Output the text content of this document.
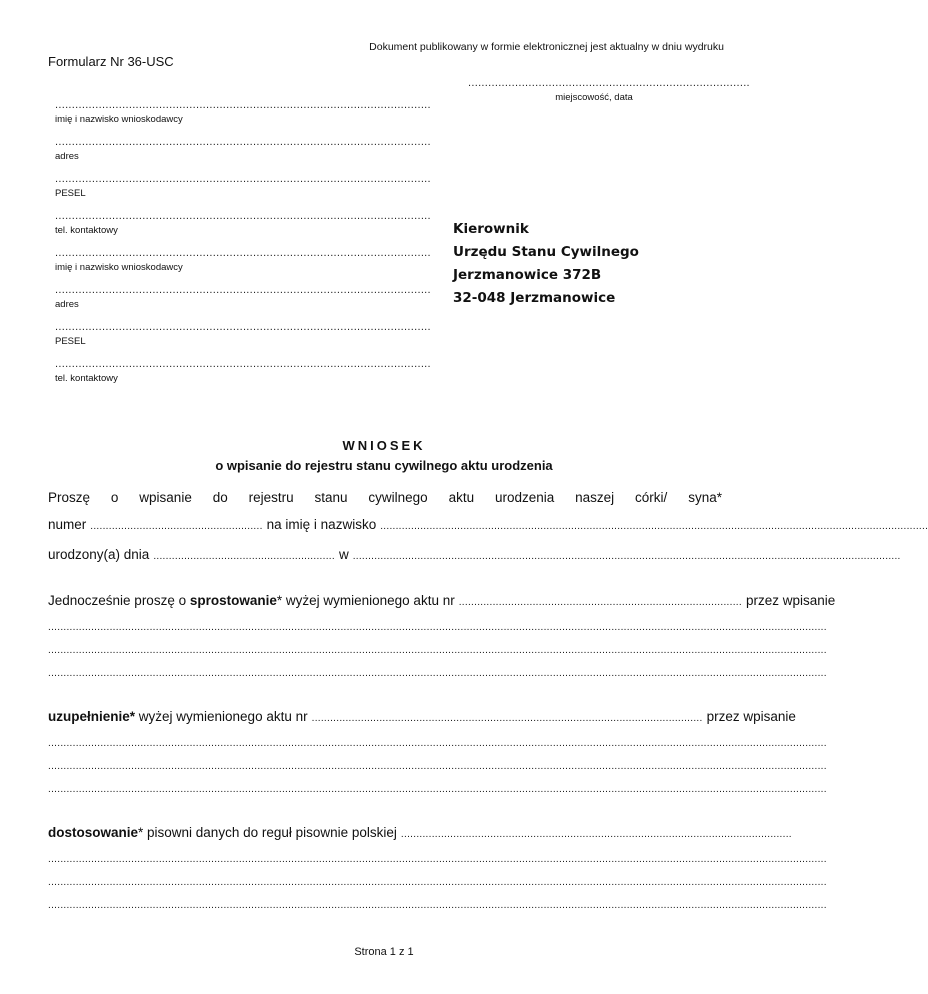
Dokument publikowany w formie elektronicznej jest aktualny w dniu wydruku
Formularz Nr 36-USC
....................................................................................
miejscowość, data
................................................................................................................
imię i nazwisko wnioskodawcy
................................................................................................................
adres
................................................................................................................
PESEL
................................................................................................................
tel. kontaktowy
................................................................................................................
imię i nazwisko wnioskodawcy
................................................................................................................
adres
................................................................................................................
PESEL
................................................................................................................
tel. kontaktowy
Kierownik
Urzędu Stanu Cywilnego
Jerzmanowice 372B
32-048 Jerzmanowice
WNIOSEK
o wpisanie do rejestru stanu cywilnego aktu urodzenia
Proszę o wpisanie do rejestru stanu cywilnego aktu urodzenia naszej córki/ syna*
numer ........................................................ na imię i nazwisko ..................................................................................................................................................................................
urodzony(a) dnia ........................................................... w ..................................................................................................................................................................................
Jednocześnie proszę o sprostowanie* wyżej wymienionego aktu nr ............................................................................................ przez wpisanie
.............................................................................................................................................................................................................................................................
.............................................................................................................................................................................................................................................................
.............................................................................................................................................................................................................................................................
uzupełnienie* wyżej wymienionego aktu nr ............................................................................................................................... przez wpisanie
.............................................................................................................................................................................................................................................................
.............................................................................................................................................................................................................................................................
.............................................................................................................................................................................................................................................................
dostosowanie* pisowni danych do reguł pisownie polskiej ...............................................................................................................................
.............................................................................................................................................................................................................................................................
.............................................................................................................................................................................................................................................................
.............................................................................................................................................................................................................................................................
Strona 1 z 1
